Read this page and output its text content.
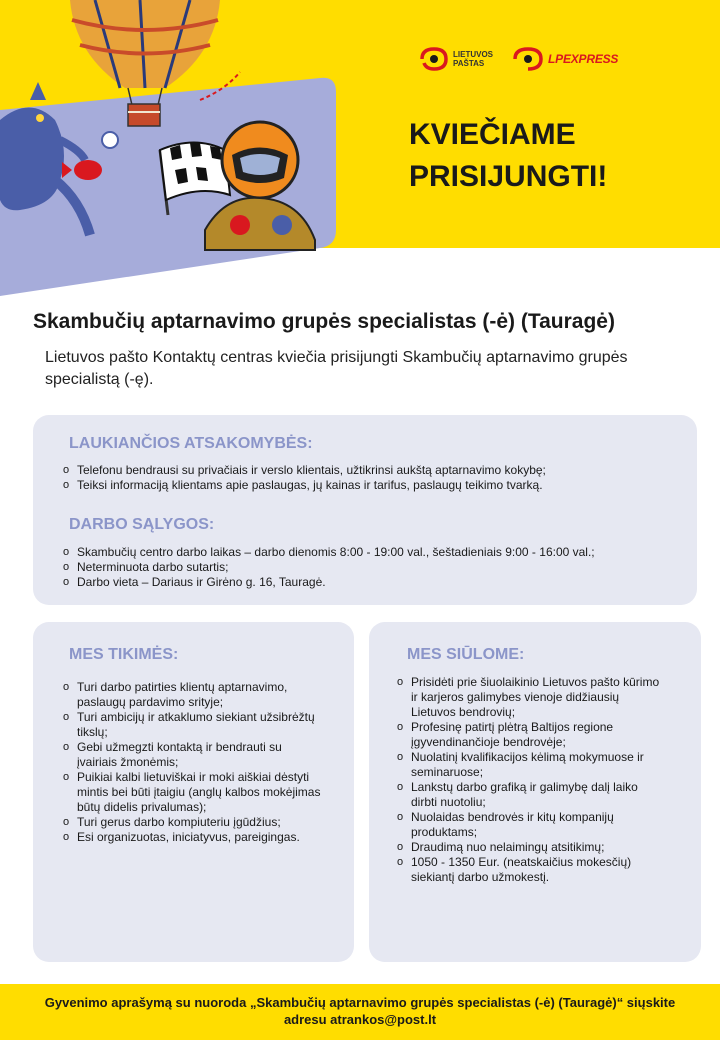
LIETUVOS
PAŠTAS	LPEXPRESS
KVIEČIAME
PRISIJUNGTI!
Skambučių aptarnavimo grupės specialistas (-ė) (Tauragė)

Lietuvos pašto Kontaktų centras kviečia prisijungti Skambučių aptarnavimo grupės specialistą (-ę).

LAUKIANČIOS ATSAKOMYBĖS:
o Telefonu bendrausi su privačiais ir verslo klientais, užtikrinsi aukštą aptarnavimo kokybę;
o Teiksi informaciją klientams apie paslaugas, jų kainas ir tarifus, paslaugų teikimo tvarką.
DARBO SĄLYGOS:
o Skambučių centro darbo laikas – darbo dienomis 8:00 - 19:00 val., šeštadieniais 9:00 - 16:00 val.;
o Neterminuota darbo sutartis;
o Darbo vieta – Dariaus ir Girėno g. 16, Tauragė.
MES TIKIMĖS:
o Turi darbo patirties klientų aptarnavimo, paslaugų pardavimo srityje;
o Turi ambicijų ir atkaklumo siekiant užsibrėžtų tikslų;
o Gebi užmegzti kontaktą ir bendrauti su įvairiais žmonėmis;
o Puikiai kalbi lietuviškai ir moki aiškiai dėstyti mintis bei būti įtaigiu (anglų kalbos mokėjimas būtų didelis privalumas);
o Turi gerus darbo kompiuteriu įgūdžius;
o Esi organizuotas, iniciatyvus, pareigingas.
MES SIŪLOME:
o Prisidėti prie šiuolaikinio Lietuvos pašto kūrimo ir karjeros galimybes vienoje didžiausių Lietuvos bendrovių;
o Profesinę patirtį plėtrą Baltijos regione įgyvendinančioje bendrovėje;
o Nuolatinį kvalifikacijos kėlimą mokymuose ir seminaruose;
o Lankstų darbo grafiką ir galimybę dalį laiko dirbti nuotoliu;
o Nuolaidas bendrovės ir kitų kompanijų produktams;
o Draudimą nuo nelaimingų atsitikimų;
o 1050 - 1350 Eur. (neatskaičius mokesčių) siekiantį darbo užmokestį.
Gyvenimo aprašymą su nuoroda „Skambučių aptarnavimo grupės specialistas (-ė) (Tauragė)“ siųskite
adresu atrankos@post.lt
